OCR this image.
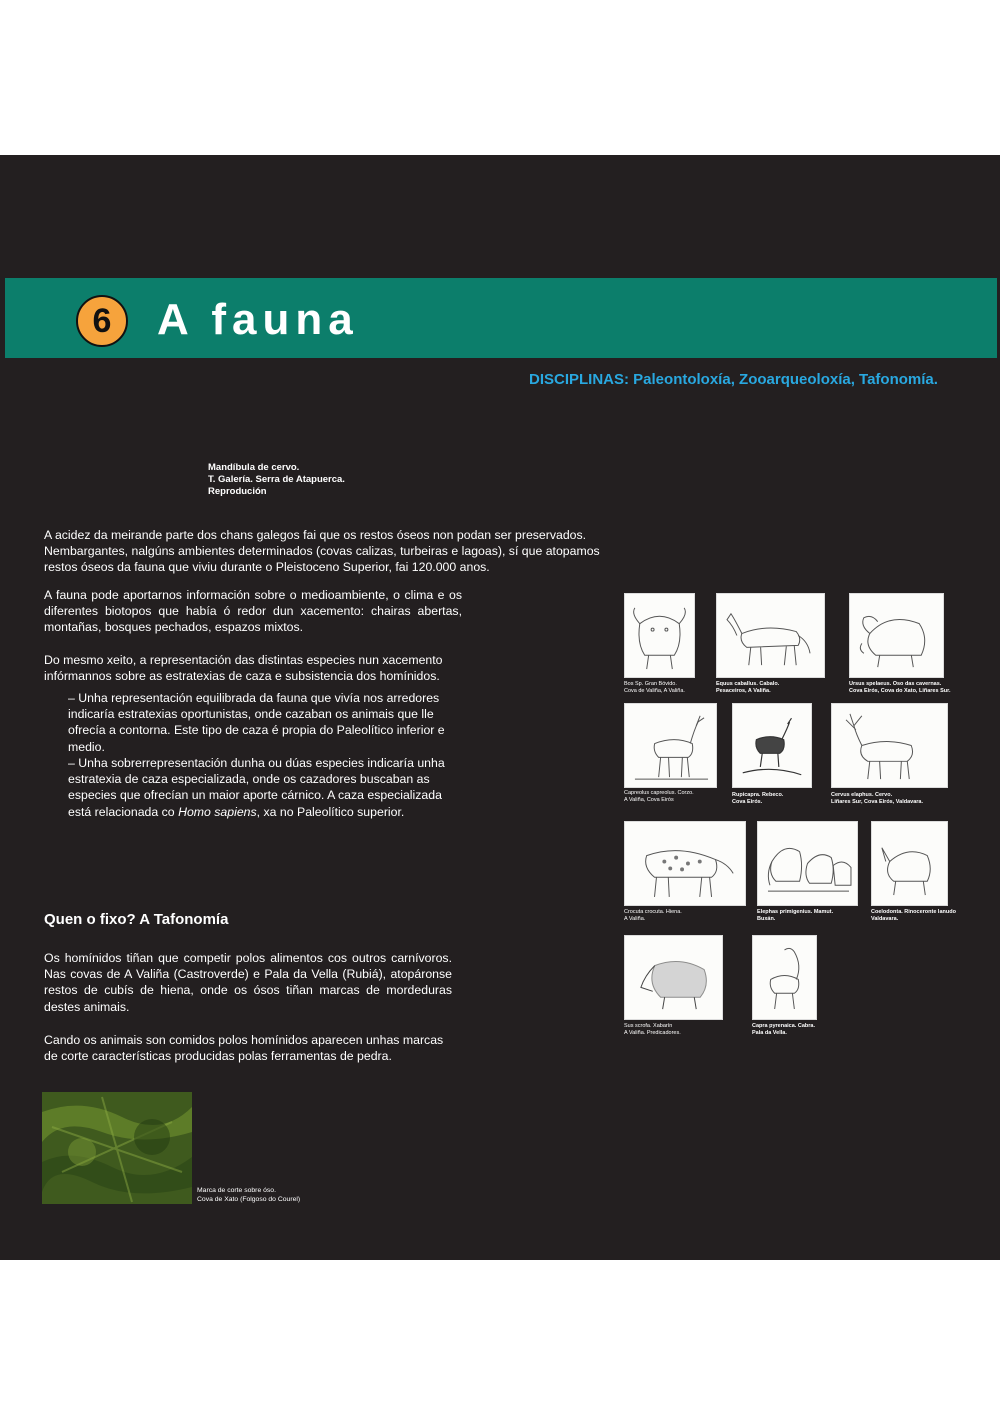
6	A fauna
DISCIPLINAS: Paleontoloxía, Zooarqueoloxía, Tafonomía.
Mandíbula de cervo.
T. Galería. Serra de Atapuerca.
Reprodución
A acidez da meirande parte dos chans galegos fai que os restos óseos non podan ser preservados. Nembargantes, nalgúns ambientes determinados (covas calizas, turbeiras e lagoas), sí que atopamos restos óseos da fauna que viviu durante o Pleistoceno Superior, fai 120.000 anos.
A fauna pode aportarnos información sobre o medioambiente, o clima e os diferentes biotopos que había ó redor dun xacemento: chairas abertas, montañas, bosques pechados, espazos mixtos.
Do mesmo xeito, a representación das distintas especies nun xacemento infórmannos sobre as estratexias de caza e subsistencia dos homínidos.
– Unha representación equilibrada da fauna que vivía nos arredores indicaría estratexias oportunistas, onde cazaban os animais que lle ofrecía a contorna. Este tipo de caza é propia do Paleolítico inferior e medio.
– Unha sobrerrepresentación dunha ou dúas especies indicaría unha estratexia de caza especializada, onde os cazadores buscaban as especies que ofrecían un maior aporte cárnico. A caza especializada está relacionada co Homo sapiens, xa no Paleolítico superior.
Quen o fixo? A Tafonomía
Os homínidos tiñan que competir polos alimentos cos outros carnívoros. Nas covas de A Valiña (Castroverde) e Pala da Vella (Rubiá), atopáronse restos de cubís de hiena, onde os ósos tiñan marcas de mordeduras destes animais.
Cando os animais son comidos polos homínidos aparecen unhas marcas de corte características producidas polas ferramentas de pedra.
Marca de corte sobre óso.
Cova de Xato (Folgoso do Courel)
Bos Sp. Gran Bóvido.
Cova de Valiña, A Valiña.
Equus caballus. Cabalo.
Pesaceiros, A Valiña.
Ursus spelaeus. Oso das cavernas.
Cova Eirós, Cova do Xato, Liñares Sur.
Capreolus capreolus. Corzo.
A Valiña, Cova Eirós
Rupicapra. Rebeco.
Cova Eirós.
Cervus elaphus. Cervo.
Liñares Sur, Cova Eirós, Valdavara.
Crocuta crocuta. Hiena.
A Valiña.
Elephas primigenius. Mamut.
Buxán.
Coelodonta. Rinoceronte lanudo
Valdavara.
Sus scrofa. Xabarín
A Valiña. Predicadores.
Capra pyrenaica. Cabra.
Pala da Vella.
